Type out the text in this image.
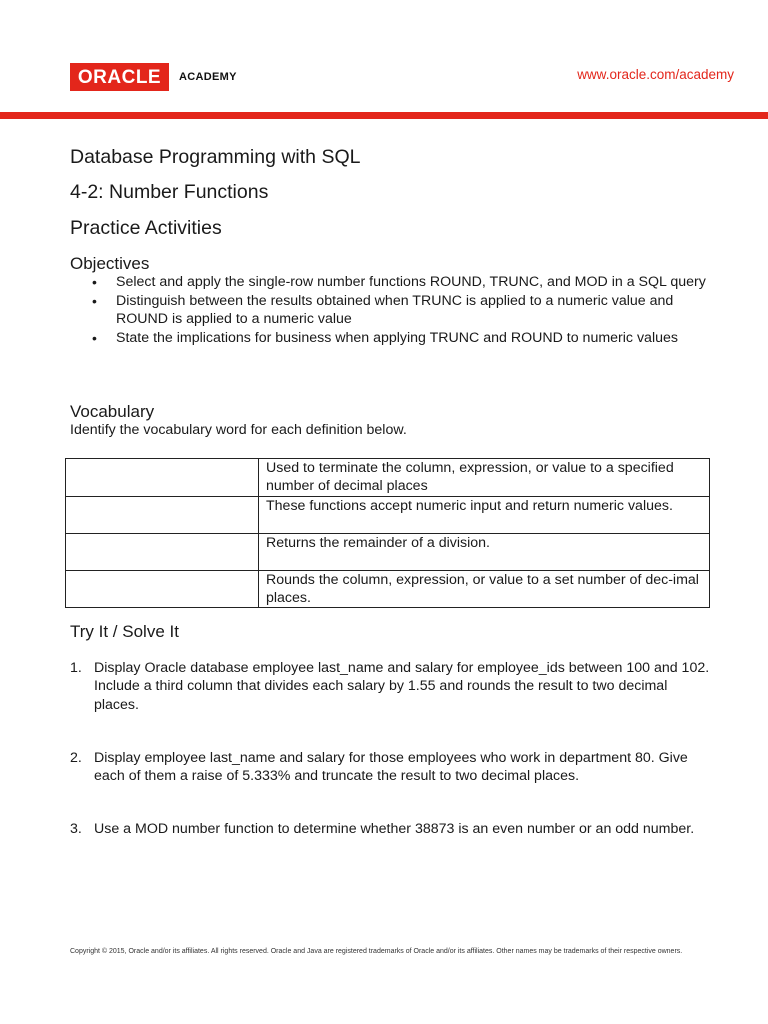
ORACLE ACADEMY	www.oracle.com/academy
Database Programming with SQL
4-2: Number Functions
Practice Activities
Objectives
• Select and apply the single-row number functions ROUND, TRUNC, and MOD in a SQL query
• Distinguish between the results obtained when TRUNC is applied to a numeric value and ROUND is applied to a numeric value
• State the implications for business when applying TRUNC and ROUND to numeric values
Vocabulary
Identify the vocabulary word for each definition below.
	Used to terminate the column, expression, or value to a specified number of decimal places
	These functions accept numeric input and return numeric values.
	Returns the remainder of a division.
	Rounds the column, expression, or value to a set number of dec-imal places.
Try It / Solve It
1. Display Oracle database employee last_name and salary for employee_ids between 100 and 102. Include a third column that divides each salary by 1.55 and rounds the result to two decimal places.
2. Display employee last_name and salary for those employees who work in department 80. Give each of them a raise of 5.333% and truncate the result to two decimal places.
3. Use a MOD number function to determine whether 38873 is an even number or an odd number.
Copyright © 2015, Oracle and/or its affiliates. All rights reserved. Oracle and Java are registered trademarks of Oracle and/or its affiliates. Other names may be trademarks of their respective owners.
